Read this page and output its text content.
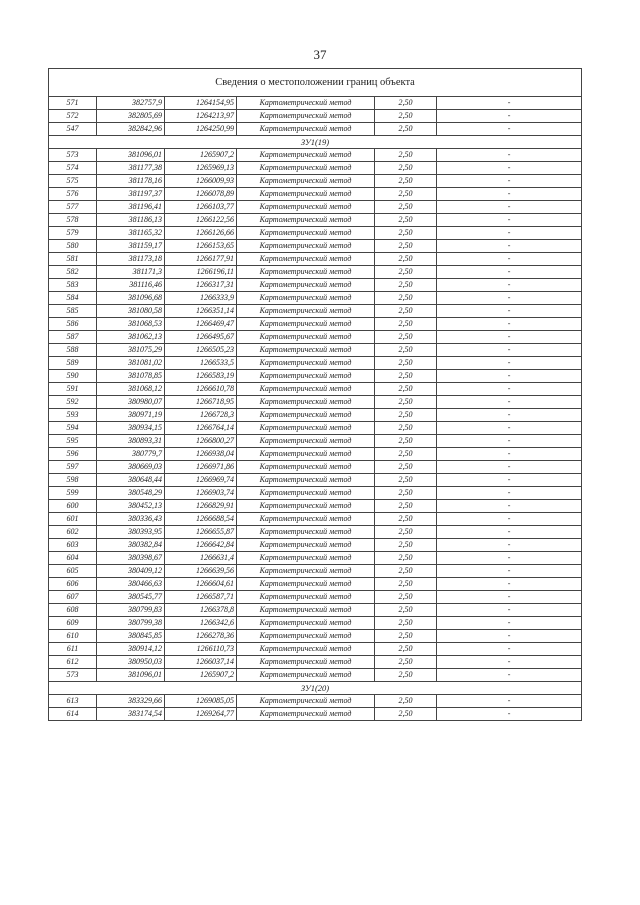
37
Сведения о местоположении границ объекта					
571	382757,9	1264154,95	Картометрический метод	2,50	-
572	382805,69	1264213,97	Картометрический метод	2,50	-
547	382842,96	1264250,99	Картометрический метод	2,50	-
ЗУ1(19)					
573	381096,01	1265907,2	Картометрический метод	2,50	-
574	381177,38	1265969,13	Картометрический метод	2,50	-
575	381178,16	1266009,93	Картометрический метод	2,50	-
576	381197,37	1266078,89	Картометрический метод	2,50	-
577	381196,41	1266103,77	Картометрический метод	2,50	-
578	381186,13	1266122,56	Картометрический метод	2,50	-
579	381165,32	1266126,66	Картометрический метод	2,50	-
580	381159,17	1266153,65	Картометрический метод	2,50	-
581	381173,18	1266177,91	Картометрический метод	2,50	-
582	381171,3	1266196,11	Картометрический метод	2,50	-
583	381116,46	1266317,31	Картометрический метод	2,50	-
584	381096,68	1266333,9	Картометрический метод	2,50	-
585	381080,58	1266351,14	Картометрический метод	2,50	-
586	381068,53	1266469,47	Картометрический метод	2,50	-
587	381062,13	1266495,67	Картометрический метод	2,50	-
588	381075,29	1266505,23	Картометрический метод	2,50	-
589	381081,02	1266533,5	Картометрический метод	2,50	-
590	381078,85	1266583,19	Картометрический метод	2,50	-
591	381068,12	1266610,78	Картометрический метод	2,50	-
592	380980,07	1266718,95	Картометрический метод	2,50	-
593	380971,19	1266728,3	Картометрический метод	2,50	-
594	380934,15	1266764,14	Картометрический метод	2,50	-
595	380893,31	1266800,27	Картометрический метод	2,50	-
596	380779,7	1266938,04	Картометрический метод	2,50	-
597	380669,03	1266971,86	Картометрический метод	2,50	-
598	380648,44	1266969,74	Картометрический метод	2,50	-
599	380548,29	1266903,74	Картометрический метод	2,50	-
600	380452,13	1266829,91	Картометрический метод	2,50	-
601	380336,43	1266688,54	Картометрический метод	2,50	-
602	380393,95	1266655,87	Картометрический метод	2,50	-
603	380382,84	1266642,84	Картометрический метод	2,50	-
604	380398,67	1266631,4	Картометрический метод	2,50	-
605	380409,12	1266639,56	Картометрический метод	2,50	-
606	380466,63	1266604,61	Картометрический метод	2,50	-
607	380545,77	1266587,71	Картометрический метод	2,50	-
608	380799,83	1266378,8	Картометрический метод	2,50	-
609	380799,38	1266342,6	Картометрический метод	2,50	-
610	380845,85	1266278,36	Картометрический метод	2,50	-
611	380914,12	1266110,73	Картометрический метод	2,50	-
612	380950,03	1266037,14	Картометрический метод	2,50	-
573	381096,01	1265907,2	Картометрический метод	2,50	-
ЗУ1(20)					
613	383329,66	1269085,05	Картометрический метод	2,50	-
614	383174,54	1269264,77	Картометрический метод	2,50	-
